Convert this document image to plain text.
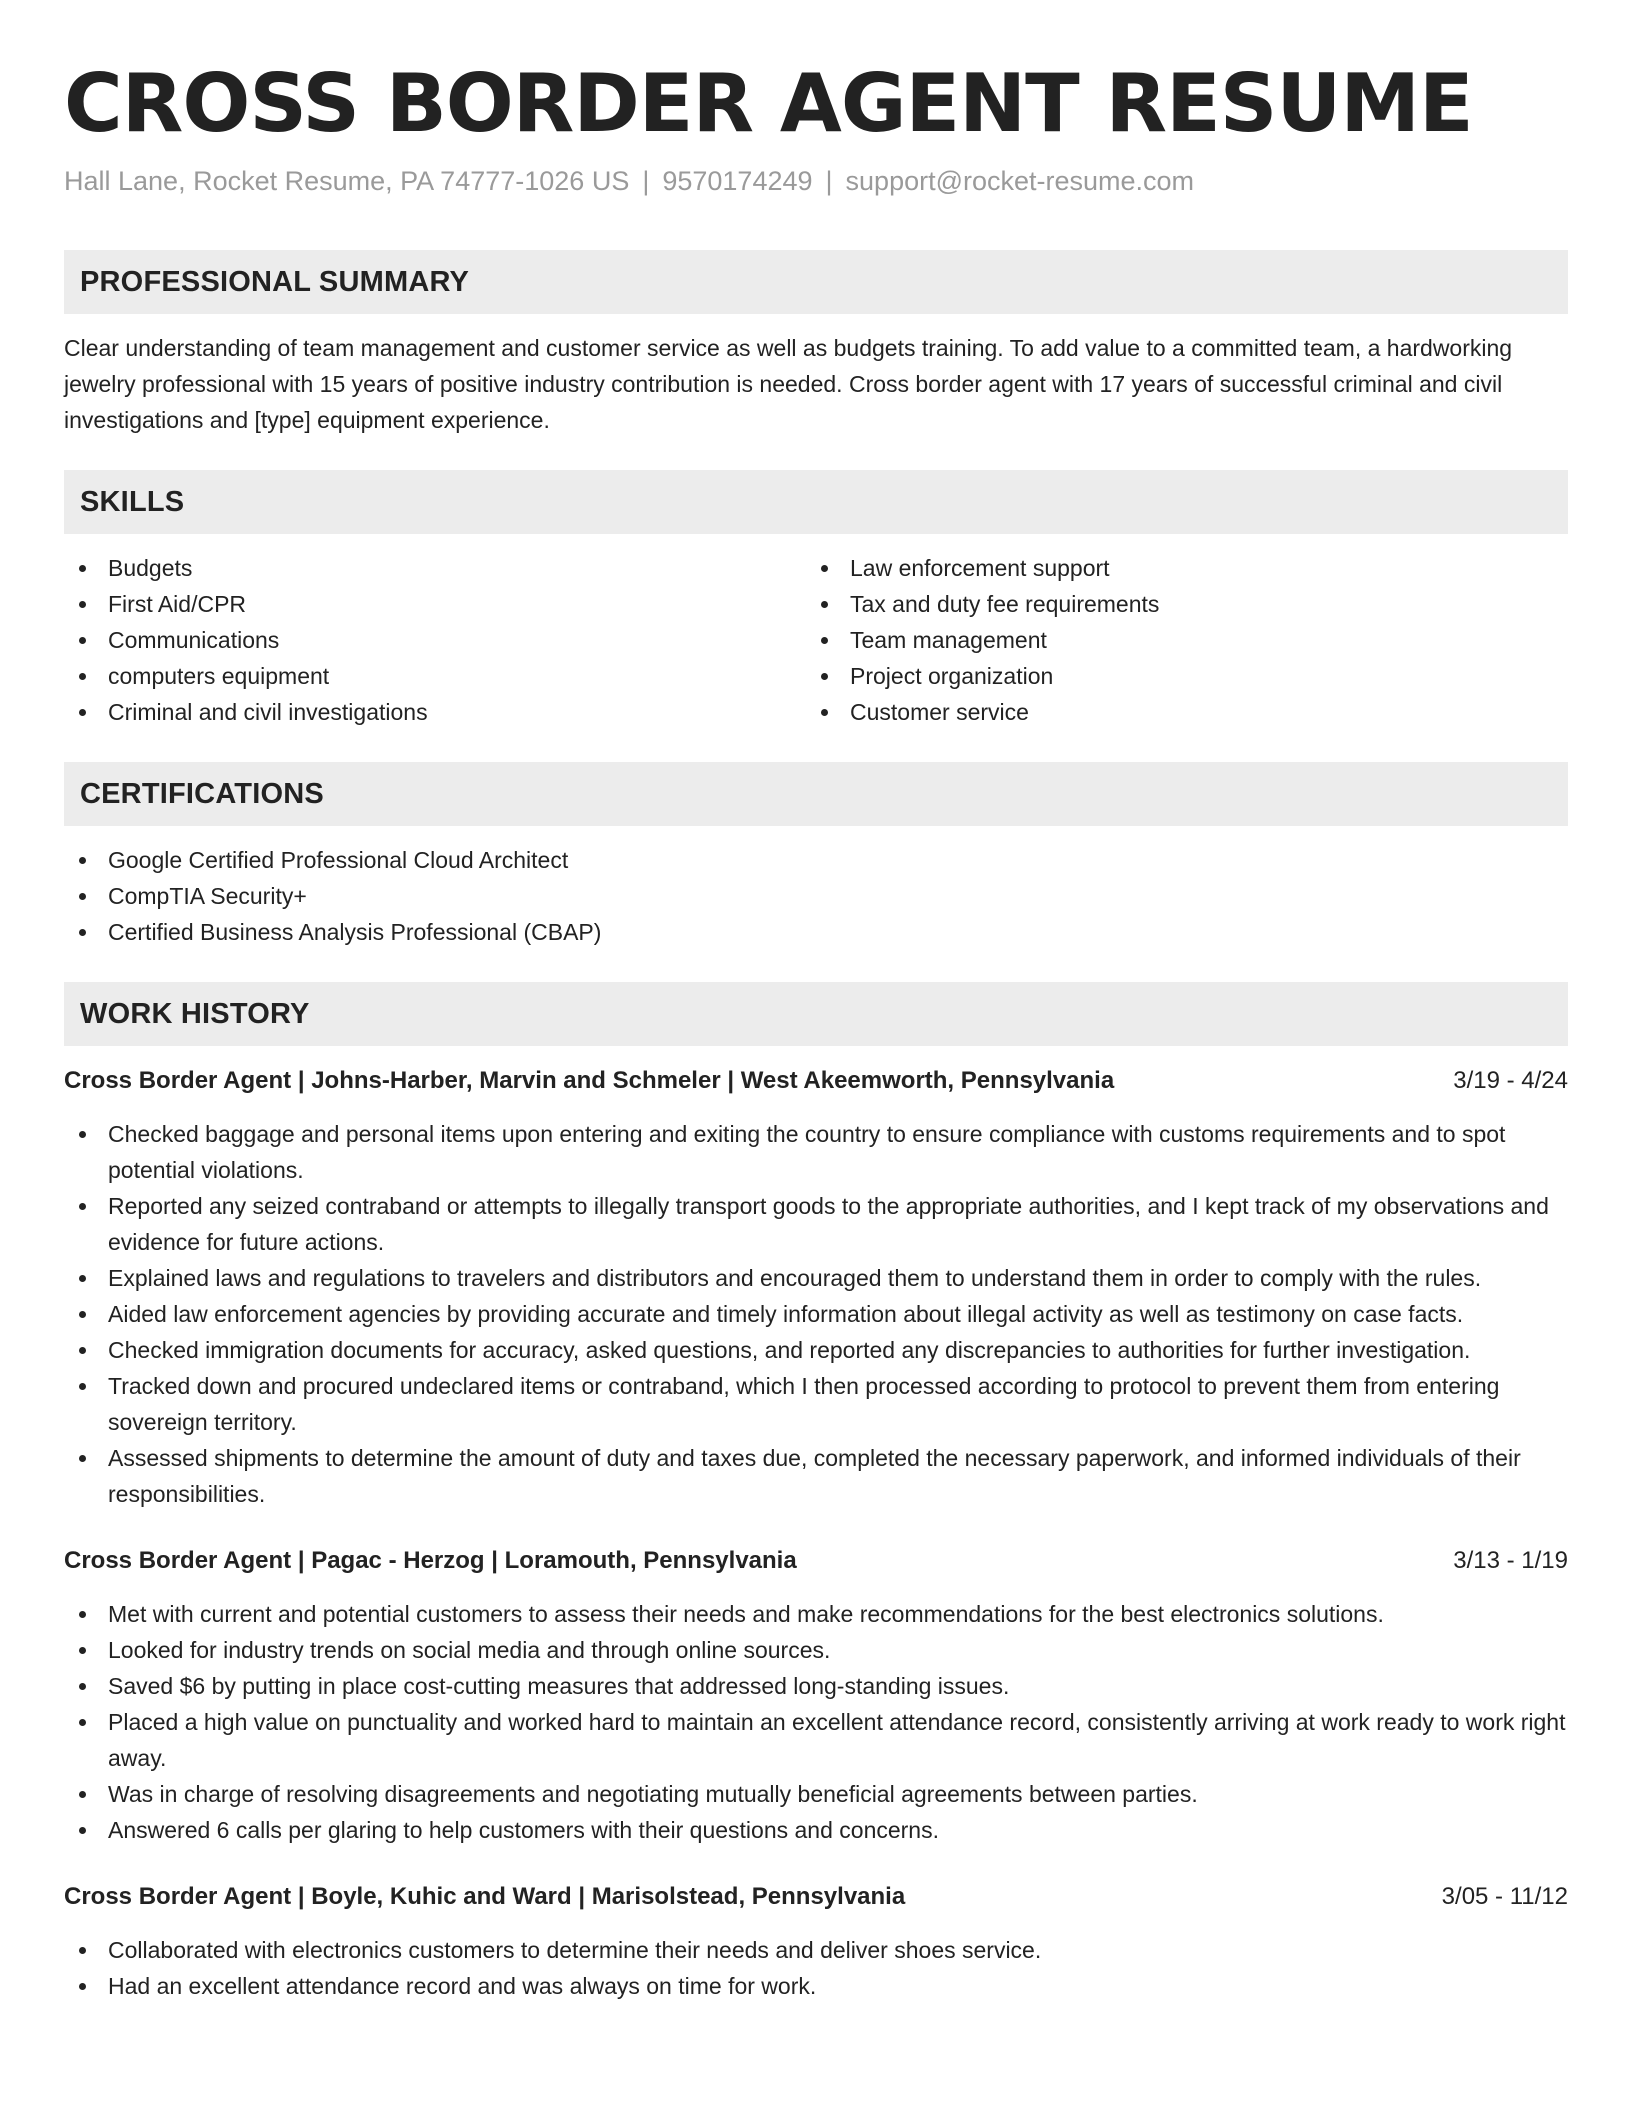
CROSS BORDER AGENT RESUME
Hall Lane, Rocket Resume, PA 74777-1026 US | 9570174249 | support@rocket-resume.com
PROFESSIONAL SUMMARY

Clear understanding of team management and customer service as well as budgets training. To add value to a committed team, a hardworking jewelry professional with 15 years of positive industry contribution is needed. Cross border agent with 17 years of successful criminal and civil investigations and [type] equipment experience.

SKILLS
Budgets
First Aid/CPR
Communications
computers equipment
Criminal and civil investigations
Law enforcement support
Tax and duty fee requirements
Team management
Project organization
Customer service
CERTIFICATIONS
Google Certified Professional Cloud Architect
CompTIA Security+
Certified Business Analysis Professional (CBAP)
WORK HISTORY
Cross Border Agent | Johns-Harber, Marvin and Schmeler | West Akeemworth, Pennsylvania	3/19 - 4/24
Checked baggage and personal items upon entering and exiting the country to ensure compliance with customs requirements and to spot potential violations.
Reported any seized contraband or attempts to illegally transport goods to the appropriate authorities, and I kept track of my observations and evidence for future actions.
Explained laws and regulations to travelers and distributors and encouraged them to understand them in order to comply with the rules.
Aided law enforcement agencies by providing accurate and timely information about illegal activity as well as testimony on case facts.
Checked immigration documents for accuracy, asked questions, and reported any discrepancies to authorities for further investigation.
Tracked down and procured undeclared items or contraband, which I then processed according to protocol to prevent them from entering sovereign territory.
Assessed shipments to determine the amount of duty and taxes due, completed the necessary paperwork, and informed individuals of their responsibilities.
Cross Border Agent | Pagac - Herzog | Loramouth, Pennsylvania	3/13 - 1/19
Met with current and potential customers to assess their needs and make recommendations for the best electronics solutions.
Looked for industry trends on social media and through online sources.
Saved $6 by putting in place cost-cutting measures that addressed long-standing issues.
Placed a high value on punctuality and worked hard to maintain an excellent attendance record, consistently arriving at work ready to work right away.
Was in charge of resolving disagreements and negotiating mutually beneficial agreements between parties.
Answered 6 calls per glaring to help customers with their questions and concerns.
Cross Border Agent | Boyle, Kuhic and Ward | Marisolstead, Pennsylvania	3/05 - 11/12
Collaborated with electronics customers to determine their needs and deliver shoes service.
Had an excellent attendance record and was always on time for work.
